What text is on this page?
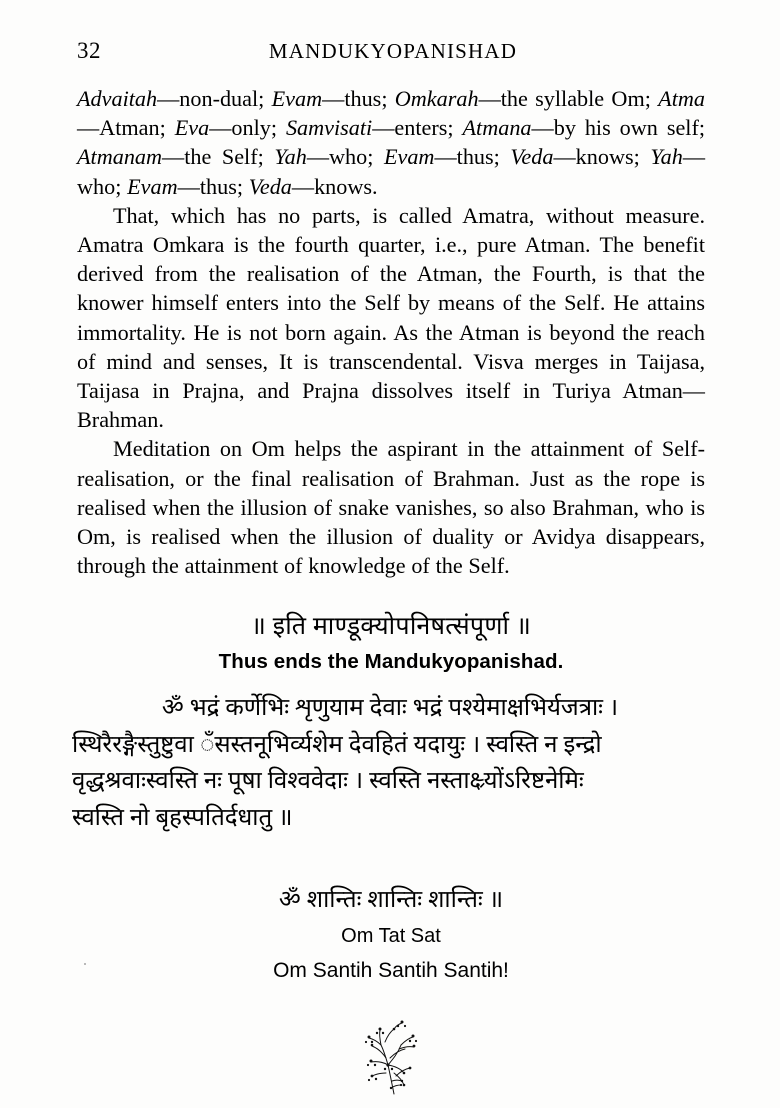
32	MANDUKYOPANISHAD

Advaitah—non-dual; Evam—thus; Omkarah—the syllable Om; Atma—Atman; Eva—only; Samvisati—enters; Atmana—by his own self; Atmanam—the Self; Yah—who; Evam—thus; Veda—knows; Yah—who; Evam—thus; Veda—knows.

That, which has no parts, is called Amatra, without measure. Amatra Omkara is the fourth quarter, i.e., pure Atman. The benefit derived from the realisation of the Atman, the Fourth, is that the knower himself enters into the Self by means of the Self. He attains immortality. He is not born again. As the Atman is beyond the reach of mind and senses, It is transcendental. Visva merges in Taijasa, Taijasa in Prajna, and Prajna dissolves itself in Turiya Atman—Brahman.

Meditation on Om helps the aspirant in the attainment of Self-realisation, or the final realisation of Brahman. Just as the rope is realised when the illusion of snake vanishes, so also Brahman, who is Om, is realised when the illusion of duality or Avidya disappears, through the attainment of knowledge of the Self.

॥ इति माण्डूक्योपनिषत्संपूर्णा ॥
Thus ends the Mandukyopanishad.
ॐ भद्रं कर्णेभिः शृणुयाम देवाः भद्रं पश्येमाक्षभिर्यजत्राः ।
स्थिरैरङ्गैस्तुष्टुवा ँसस्तनूभिर्व्यशेम देवहितं यदायुः । स्वस्ति न इन्द्रो
वृद्धश्रवाःस्वस्ति नः पूषा विश्ववेदाः । स्वस्ति नस्ताक्ष्र्योंऽरिष्टनेमिः
स्वस्ति नो बृहस्पतिर्दधातु ॥
ॐ शान्तिः शान्तिः शान्तिः ॥
Om Tat Sat
Om Santih Santih Santih!
